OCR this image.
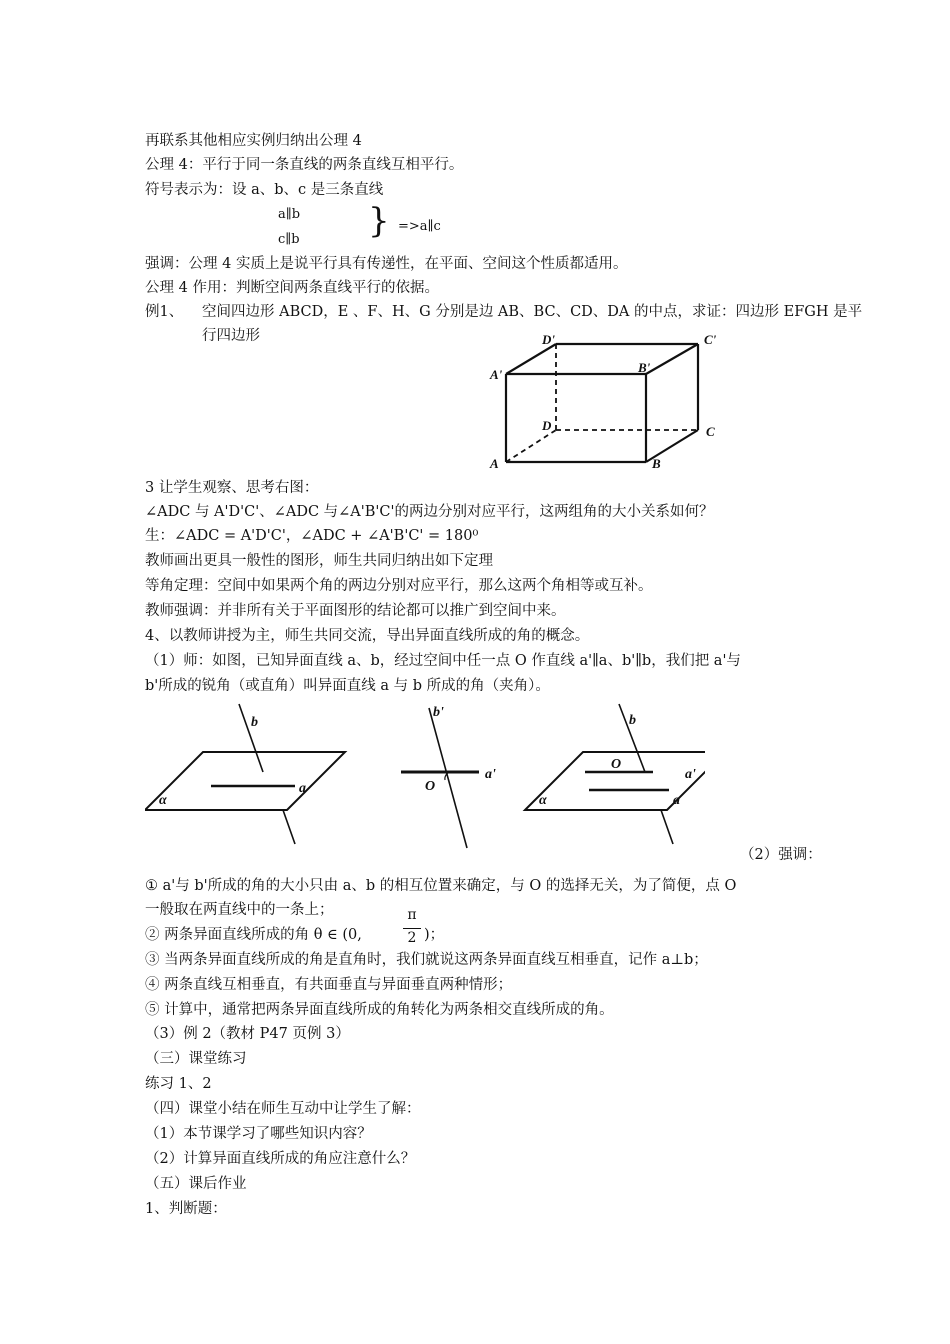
再联系其他相应实例归纳出公理 4
公理 4：平行于同一条直线的两条直线互相平行。
符号表示为：设 a、b、c 是三条直线
a∥b
c∥b } =>a∥c
强调：公理 4 实质上是说平行具有传递性，在平面、空间这个性质都适用。
公理 4 作用：判断空间两条直线平行的依据。
例1、 空间四边形 ABCD，E 、F、H、G 分别是边 AB、BC、CD、DA 的中点，求证：四边形 EFGH 是平
行四边形	D'	C'
A'	B'
D	C
A	B
3 让学生观察、思考右图：
∠ADC 与 A'D'C'、∠ADC 与∠A'B'C'的两边分别对应平行，这两组角的大小关系如何？
生：∠ADC = A'D'C'，∠ADC + ∠A'B'C' = 180⁰
教师画出更具一般性的图形，师生共同归纳出如下定理
等角定理：空间中如果两个角的两边分别对应平行，那么这两个角相等或互补。
教师强调：并非所有关于平面图形的结论都可以推广到空间中来。
4、以教师讲授为主，师生共同交流，导出异面直线所成的角的概念。
（1）师：如图，已知异面直线 a、b，经过空间中任一点 O 作直线 a'∥a、b'∥b，我们把 a'与
b'所成的锐角（或直角）叫异面直线 a 与 b 所成的角（夹角）。
b
a
α
b'
O
a'
b
O
a'
a
α
（2）强调：
① a'与 b'所成的角的大小只由 a、b 的相互位置来确定，与 O 的选择无关，为了简便，点 O
一般取在两直线中的一条上；
② 两条异面直线所成的角 θ ∈ (0,
π
2 )；
③ 当两条异面直线所成的角是直角时，我们就说这两条异面直线互相垂直，记作 a⊥b；
④ 两条直线互相垂直，有共面垂直与异面垂直两种情形；
⑤ 计算中，通常把两条异面直线所成的角转化为两条相交直线所成的角。
（3）例 2（教材 P47 页例 3）
（三）课堂练习
练习 1、2
（四）课堂小结在师生互动中让学生了解：
（1）本节课学习了哪些知识内容？
（2）计算异面直线所成的角应注意什么？
（五）课后作业
1、判断题：
